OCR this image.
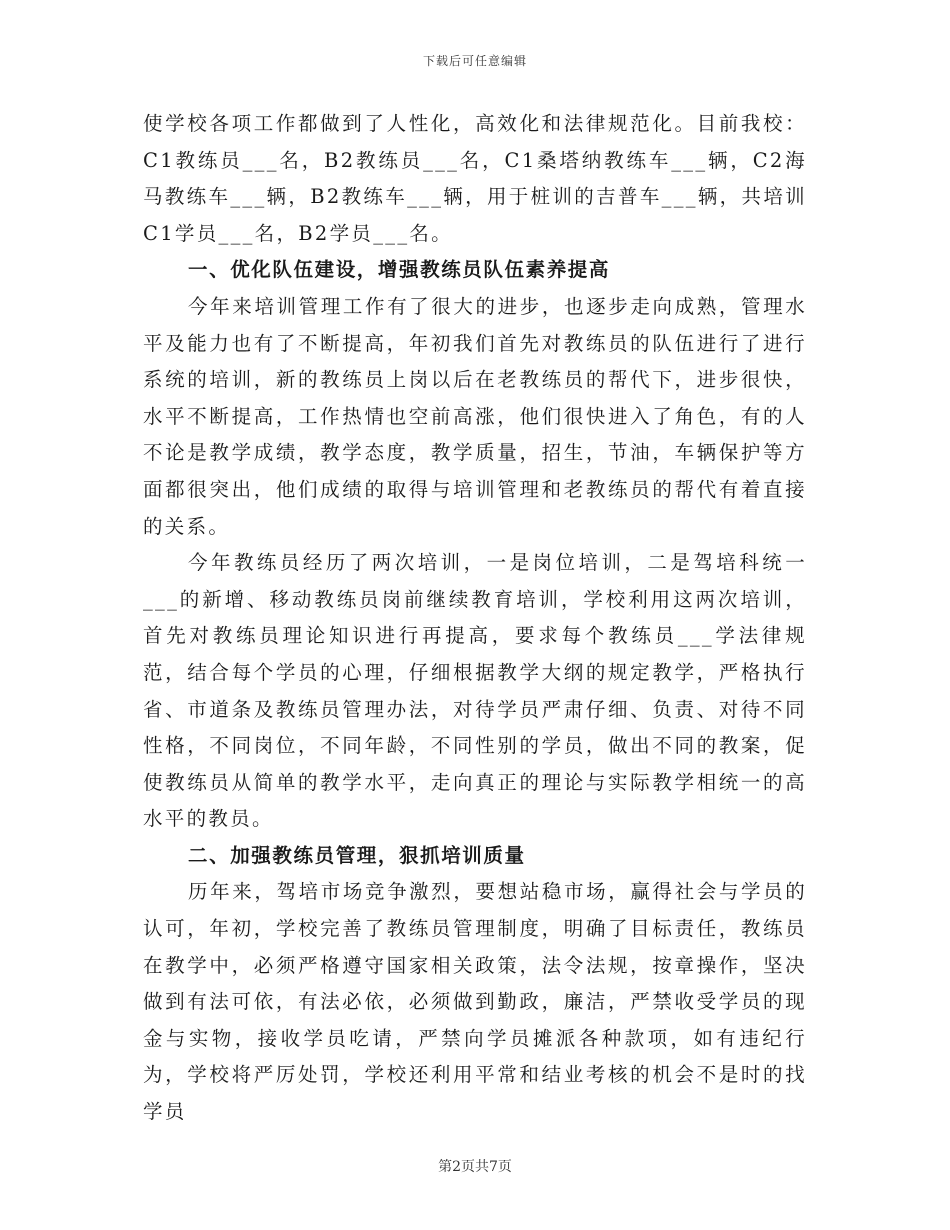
下载后可任意编辑

使学校各项工作都做到了人性化，高效化和法律规范化。目前我校：C1教练员___名，B2教练员___名，C1桑塔纳教练车___辆，C2海马教练车___辆，B2教练车___辆，用于桩训的吉普车___辆，共培训C1学员___名，B2学员___名。

一、优化队伍建设，增强教练员队伍素养提高

今年来培训管理工作有了很大的进步，也逐步走向成熟，管理水平及能力也有了不断提高，年初我们首先对教练员的队伍进行了进行系统的培训，新的教练员上岗以后在老教练员的帮代下，进步很快，水平不断提高，工作热情也空前高涨，他们很快进入了角色，有的人不论是教学成绩，教学态度，教学质量，招生，节油，车辆保护等方面都很突出，他们成绩的取得与培训管理和老教练员的帮代有着直接的关系。

今年教练员经历了两次培训，一是岗位培训，二是驾培科统一___的新增、移动教练员岗前继续教育培训，学校利用这两次培训，首先对教练员理论知识进行再提高，要求每个教练员___学法律规范，结合每个学员的心理，仔细根据教学大纲的规定教学，严格执行省、市道条及教练员管理办法，对待学员严肃仔细、负责、对待不同性格，不同岗位，不同年龄，不同性别的学员，做出不同的教案，促使教练员从简单的教学水平，走向真正的理论与实际教学相统一的高水平的教员。

二、加强教练员管理，狠抓培训质量

历年来，驾培市场竞争激烈，要想站稳市场，赢得社会与学员的认可，年初，学校完善了教练员管理制度，明确了目标责任，教练员在教学中，必须严格遵守国家相关政策，法令法规，按章操作，坚决做到有法可依，有法必依，必须做到勤政，廉洁，严禁收受学员的现金与实物，接收学员吃请，严禁向学员摊派各种款项，如有违纪行为，学校将严厉处罚，学校还利用平常和结业考核的机会不是时的找学员

第2页共7页
